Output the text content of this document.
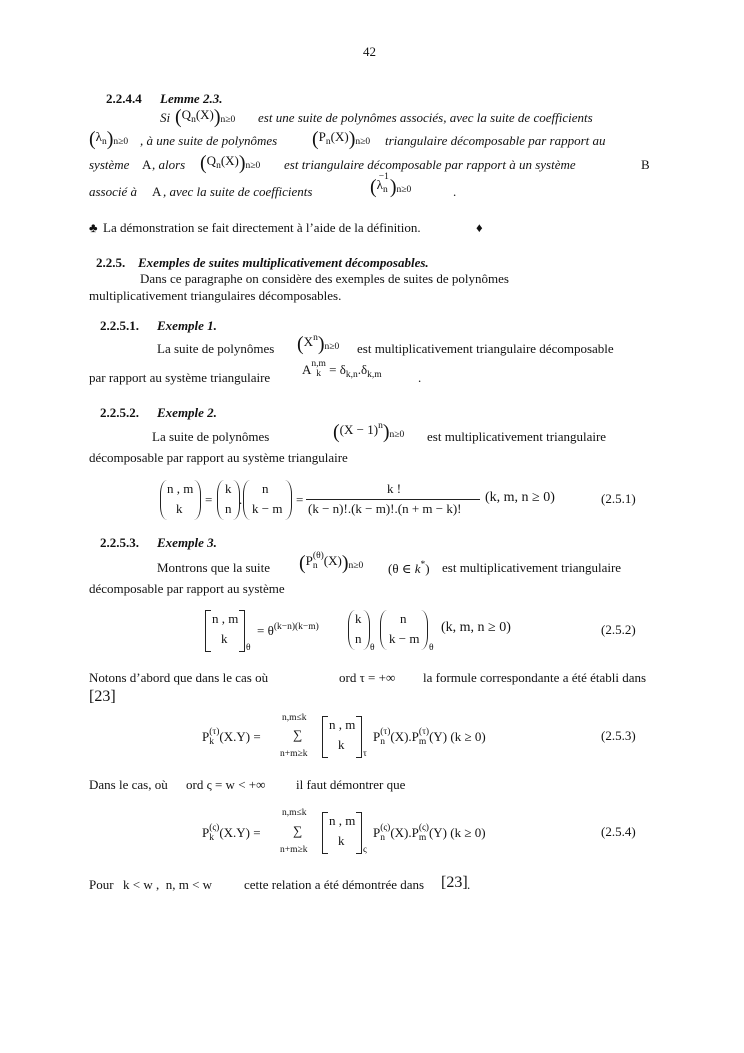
42
2.2.4.4 Lemme 2.3.
Si $(Q_n(X))_{n\ge 0}$ est une suite de polynômes associés, avec la suite de coefficients
$(\lambda_n)_{n\ge 0}$ , à une suite de polynômes $(P_n(X))_{n\ge 0}$ triangulaire décomposable par rapport au
système A , alors $(Q_n(X))_{n\ge 0}$ est triangulaire décomposable par rapport à un système	B
associé à A , avec la suite de coefficients	$(\lambda_n^{-1})_{n\ge 0}$	.
♣ La démonstration se fait directement à l’aide de la définition.	♦
2.2.5. Exemples de suites multiplicativement décomposables.
Dans ce paragraphe on considère des exemples de suites de polynômes
multiplicativement triangulaires décomposables.
2.2.5.1. Exemple 1.
La suite de polynômes $(X^n)_{n\ge 0}$ est multiplicativement triangulaire décomposable
par rapport au système triangulaire
An,m
$k = \delta_{k,n}.\delta_{k,m}$	.
2.2.5.2. Exemple 2.
La suite de polynômes	$((X - 1)^n)_{n\ge 0}$ est multiplicativement triangulaire
décomposable par rapport au système triangulaire
n , m
k
=
k
n
.
n
k − m
=
k !
(k − n)!.(k − m)!.(n + m − k)!
(k, m, n ≥ 0)	(2.5.1)
2.2.5.3. Exemple 3.
Montrons que la suite (P(θ)
n $(X))_{n\ge 0}$ (θ ∈ k*) est multiplicativement triangulaire
décomposable par rapport au système
n , m
k
θ
= $\theta^{(k-n)(k-m)}$
k
n
θ
n
k − m
θ
(k, m, n ≥ 0)	(2.5.2)
Notons d’abord que dans le cas où	ord τ = +∞ la formule correspondante a été établi dans
[23]
P(τ)
k (X.Y) =
n,m≤k
∑
n+m≥k
n , m
k
τ
P(τ)
n (X).P(τ)
m (Y) (k ≥ 0)	(2.5.3)
Dans le cas, où ord ς = w < +∞ il faut démontrer que
P(ς)
k (X.Y) =
n,m≤k
∑
n+m≥k
n , m
k
ς
P(ς)
n (X).P(ς)
m (Y) (k ≥ 0)	(2.5.4)
Pour k < w ,  n, m < w cette relation a été démontrée dans [23] .
